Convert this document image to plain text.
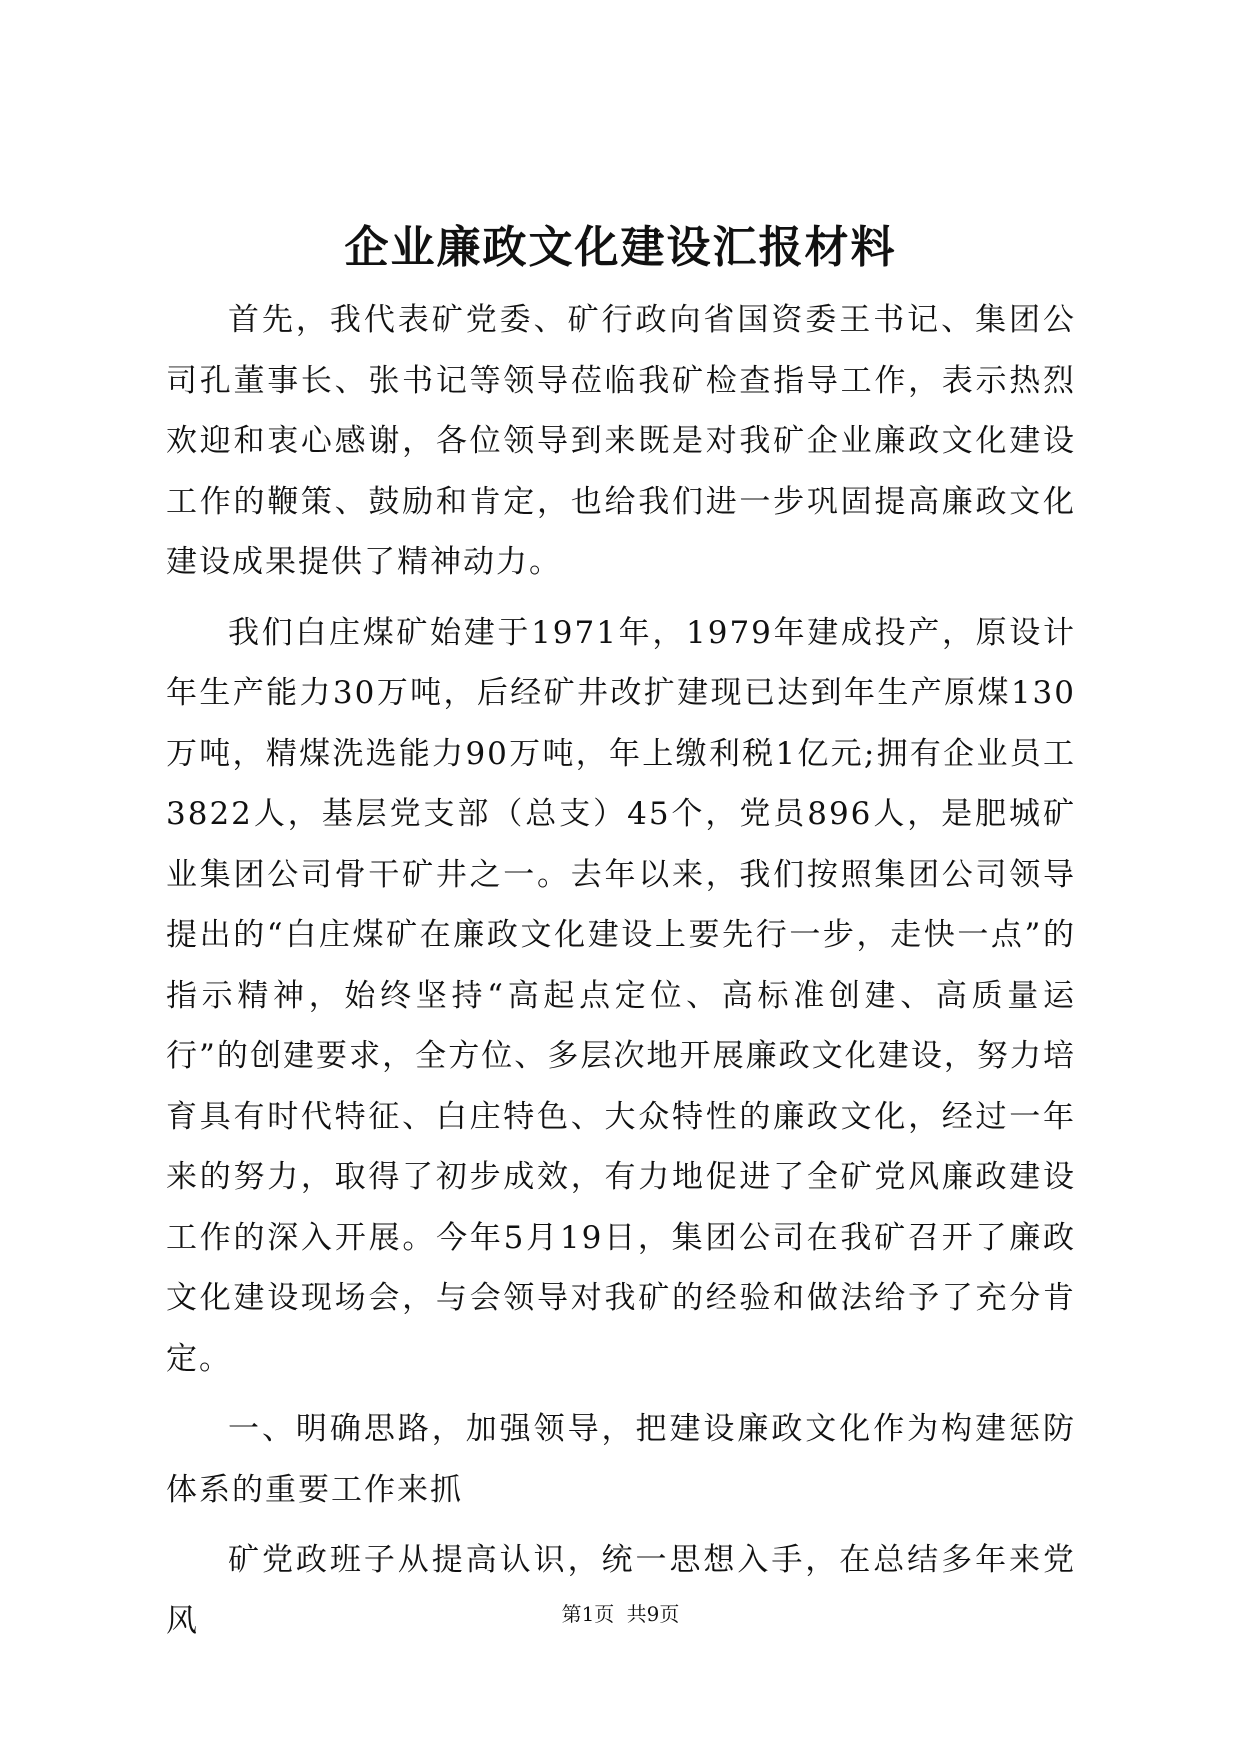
企业廉政文化建设汇报材料

首先，我代表矿党委、矿行政向省国资委王书记、集团公司孔董事长、张书记等领导莅临我矿检查指导工作，表示热烈欢迎和衷心感谢，各位领导到来既是对我矿企业廉政文化建设工作的鞭策、鼓励和肯定，也给我们进一步巩固提高廉政文化建设成果提供了精神动力。

我们白庄煤矿始建于1971年，1979年建成投产，原设计年生产能力30万吨，后经矿井改扩建现已达到年生产原煤130万吨，精煤洗选能力90万吨，年上缴利税1亿元;拥有企业员工3822人，基层党支部（总支）45个，党员896人，是肥城矿业集团公司骨干矿井之一。去年以来，我们按照集团公司领导提出的“白庄煤矿在廉政文化建设上要先行一步，走快一点”的指示精神，始终坚持“高起点定位、高标准创建、高质量运行”的创建要求，全方位、多层次地开展廉政文化建设，努力培育具有时代特征、白庄特色、大众特性的廉政文化，经过一年来的努力，取得了初步成效，有力地促进了全矿党风廉政建设工作的深入开展。今年5月19日，集团公司在我矿召开了廉政文化建设现场会，与会领导对我矿的经验和做法给予了充分肯定。

一、明确思路，加强领导，把建设廉政文化作为构建惩防体系的重要工作来抓

矿党政班子从提高认识，统一思想入手，在总结多年来党风	第1页 共9页
